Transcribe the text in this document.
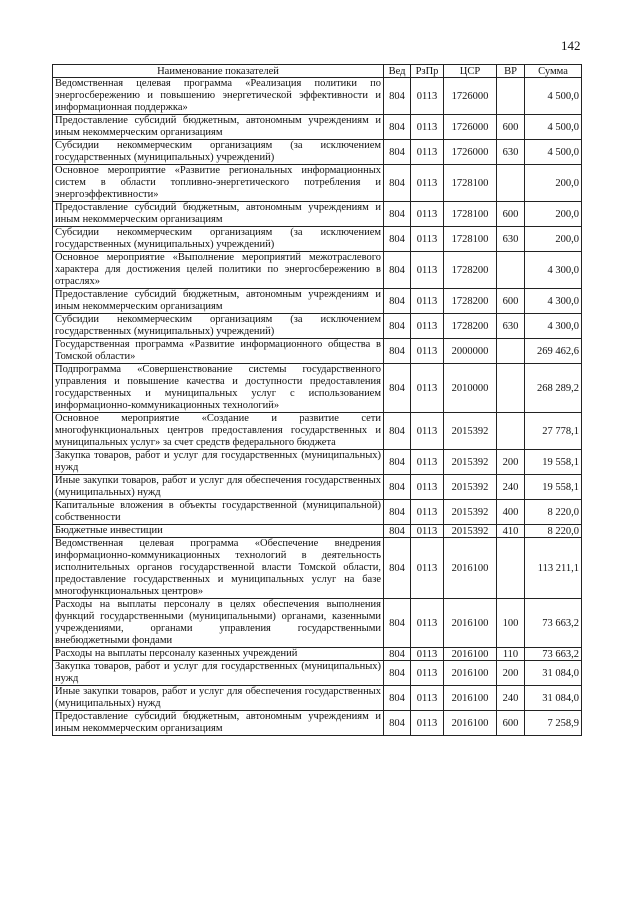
142
Наименование показателей	Вед	РзПр	ЦСР	ВР	Сумма
Ведомственная целевая программа «Реализация политики по энергосбережению и повышению энергетической эффективности и информационная поддержка»	804	0113	1726000		4 500,0
Предоставление субсидий бюджетным, автономным учреждениям и иным некоммерческим организациям	804	0113	1726000	600	4 500,0
Субсидии некоммерческим организациям (за исключением государственных (муниципальных) учреждений)	804	0113	1726000	630	4 500,0
Основное мероприятие «Развитие региональных информационных систем в области топливно-энергетического потребления и энергоэффективности»	804	0113	1728100		200,0
Предоставление субсидий бюджетным, автономным учреждениям и иным некоммерческим организациям	804	0113	1728100	600	200,0
Субсидии некоммерческим организациям (за исключением государственных (муниципальных) учреждений)	804	0113	1728100	630	200,0
Основное мероприятие «Выполнение мероприятий межотраслевого характера для достижения целей политики по энергосбережению в отраслях»	804	0113	1728200		4 300,0
Предоставление субсидий бюджетным, автономным учреждениям и иным некоммерческим организациям	804	0113	1728200	600	4 300,0
Субсидии некоммерческим организациям (за исключением государственных (муниципальных) учреждений)	804	0113	1728200	630	4 300,0
Государственная программа «Развитие информационного общества в Томской области»	804	0113	2000000		269 462,6
Подпрограмма «Совершенствование системы государственного управления и повышение качества и доступности предоставления государственных и муниципальных услуг с использованием информационно-коммуникационных технологий»	804	0113	2010000		268 289,2
Основное мероприятие «Создание и развитие сети многофункциональных центров предоставления государственных и муниципальных услуг» за счет средств федерального бюджета	804	0113	2015392		27 778,1
Закупка товаров, работ и услуг для государственных (муниципальных) нужд	804	0113	2015392	200	19 558,1
Иные закупки товаров, работ и услуг для обеспечения государственных (муниципальных) нужд	804	0113	2015392	240	19 558,1
Капитальные вложения в объекты государственной (муниципальной) собственности	804	0113	2015392	400	8 220,0
Бюджетные инвестиции	804	0113	2015392	410	8 220,0
Ведомственная целевая программа «Обеспечение внедрения информационно-коммуникационных технологий в деятельность исполнительных органов государственной власти Томской области, предоставление государственных и муниципальных услуг на базе многофункциональных центров»	804	0113	2016100		113 211,1
Расходы на выплаты персоналу в целях обеспечения выполнения функций государственными (муниципальными) органами, казенными учреждениями, органами управления государственными внебюджетными фондами	804	0113	2016100	100	73 663,2
Расходы на выплаты персоналу казенных учреждений	804	0113	2016100	110	73 663,2
Закупка товаров, работ и услуг для государственных (муниципальных) нужд	804	0113	2016100	200	31 084,0
Иные закупки товаров, работ и услуг для обеспечения государственных (муниципальных) нужд	804	0113	2016100	240	31 084,0
Предоставление субсидий бюджетным, автономным учреждениям и иным некоммерческим организациям	804	0113	2016100	600	7 258,9
